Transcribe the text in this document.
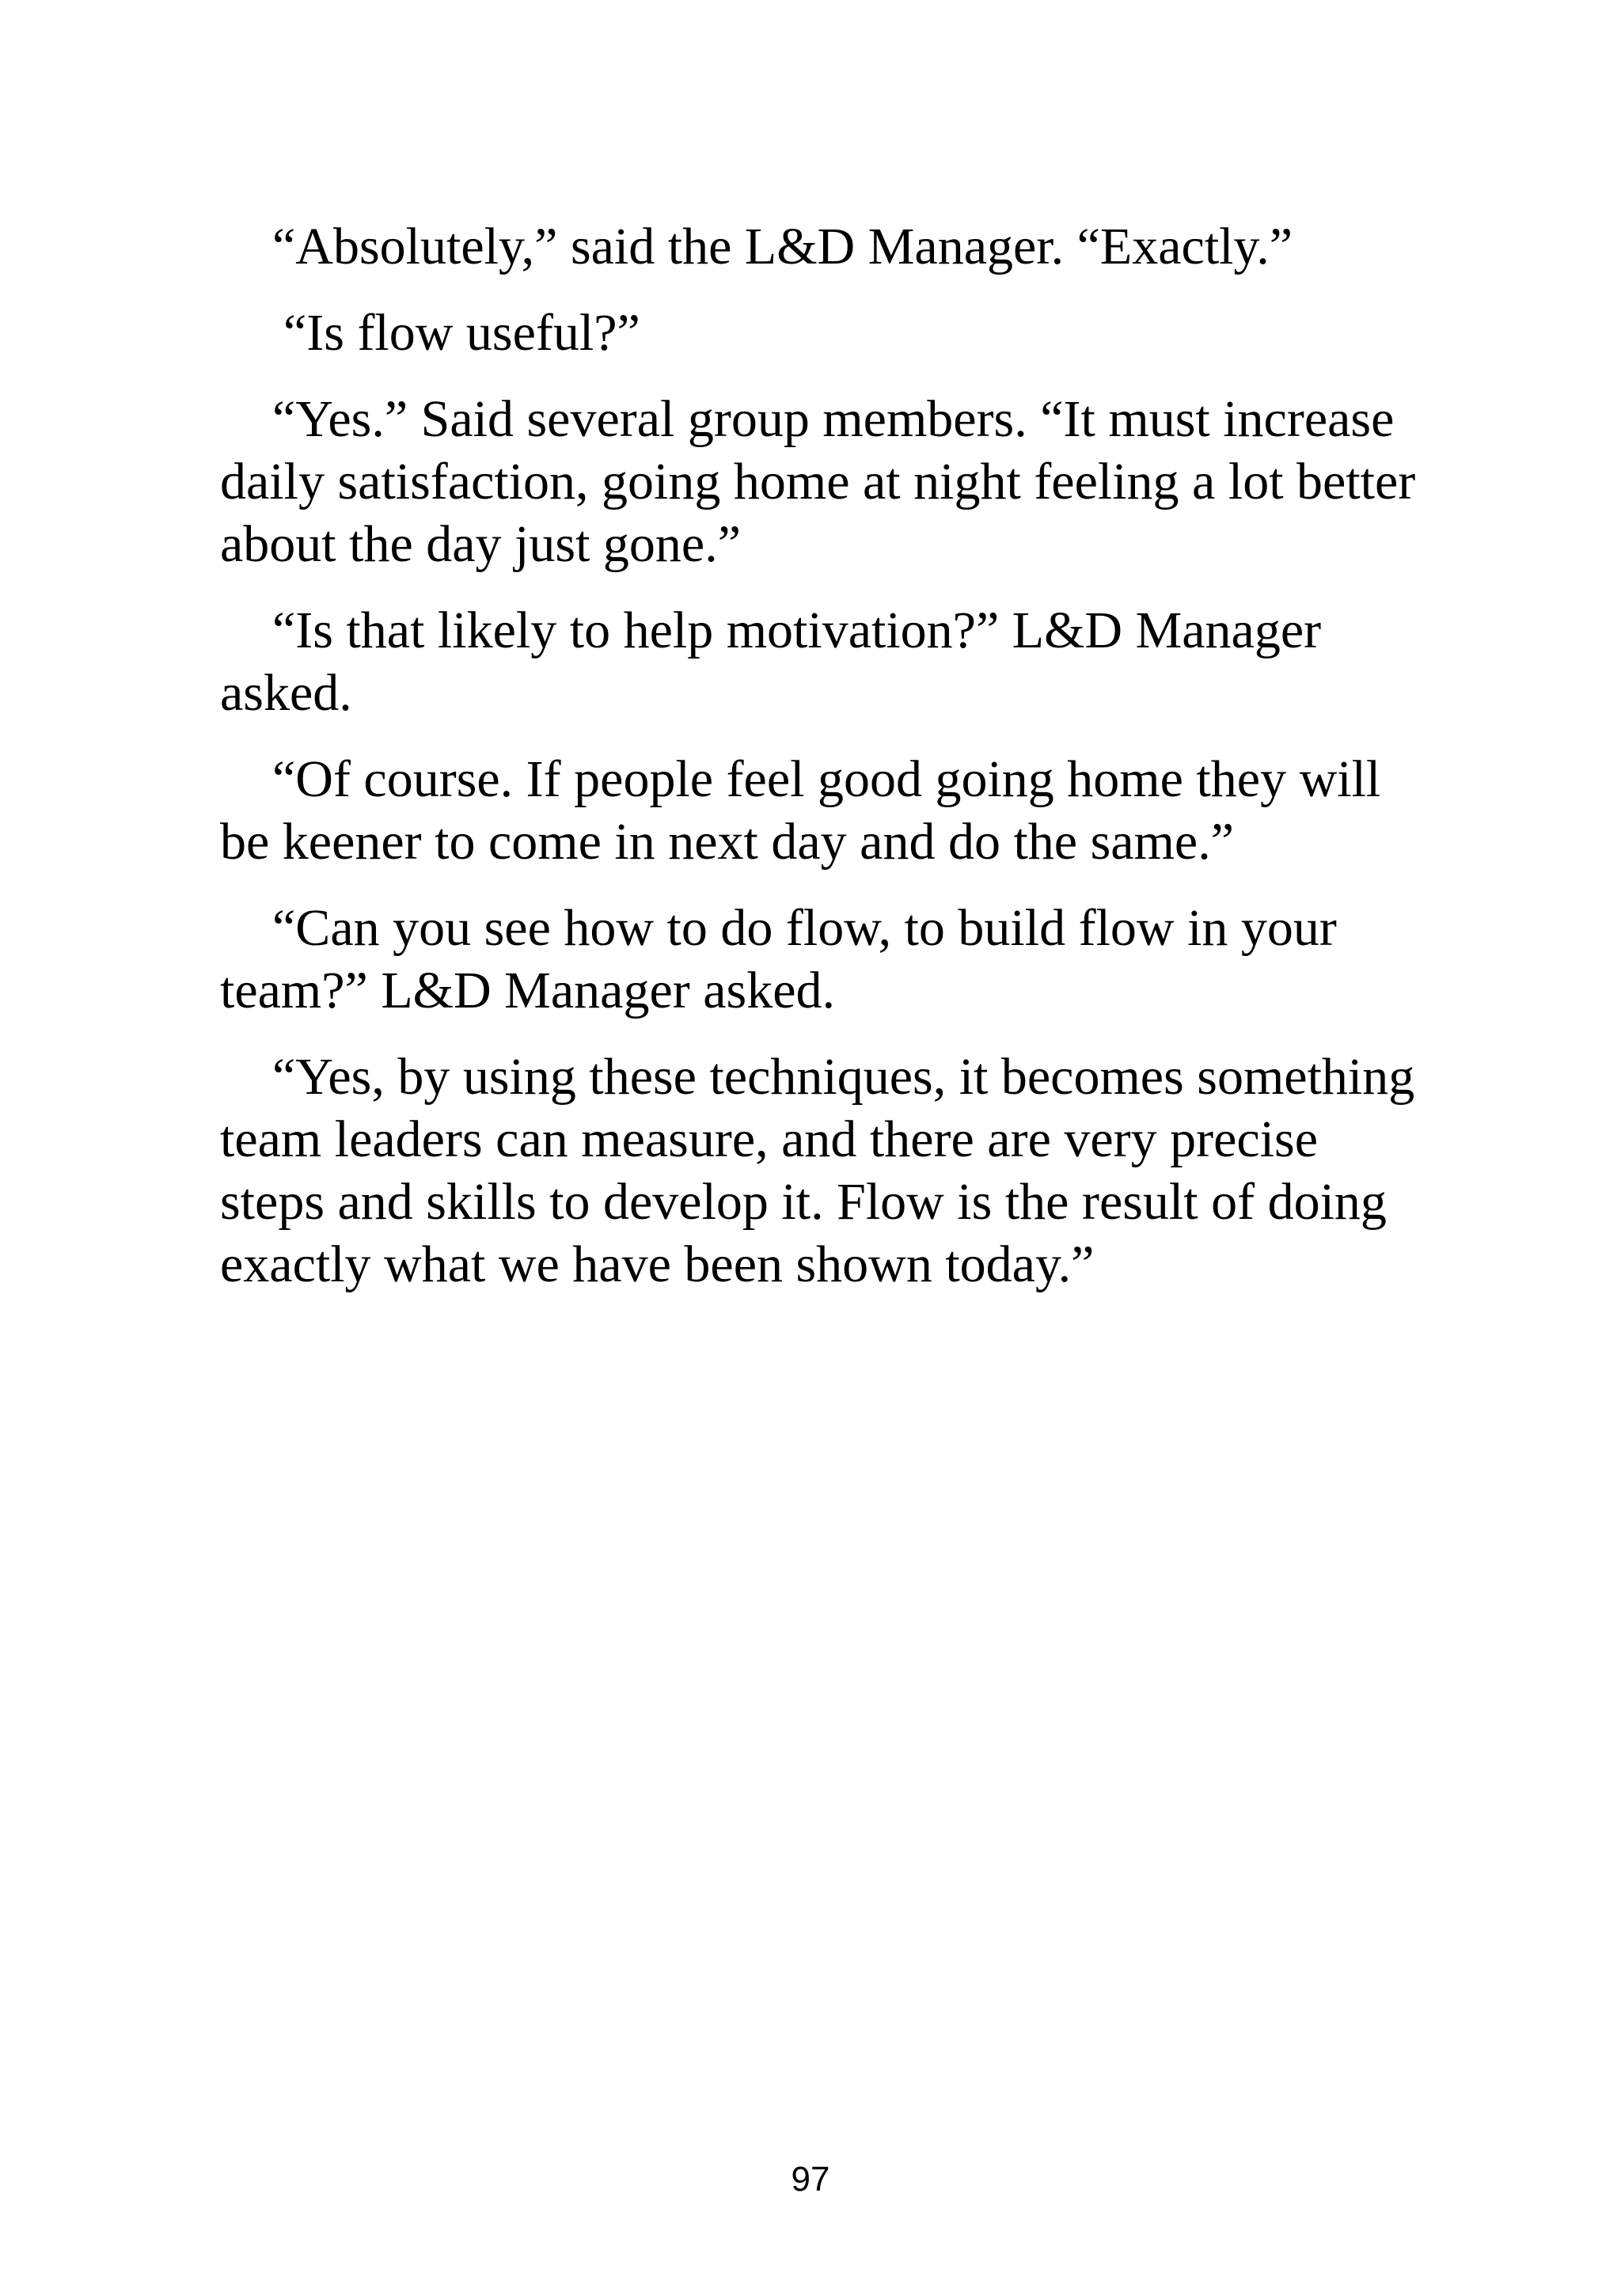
“Absolutely,” said the L&D Manager. “Exactly.”

“Is flow useful?”

“Yes.” Said several group members. “It must increase daily satisfaction, going home at night feeling a lot better about the day just gone.”

“Is that likely to help motivation?” L&D Manager asked.

“Of course. If people feel good going home they will be keener to come in next day and do the same.”

“Can you see how to do flow, to build flow in your team?” L&D Manager asked.

“Yes, by using these techniques, it becomes something team leaders can measure, and there are very precise steps and skills to develop it. Flow is the result of doing exactly what we have been shown today.”

97
